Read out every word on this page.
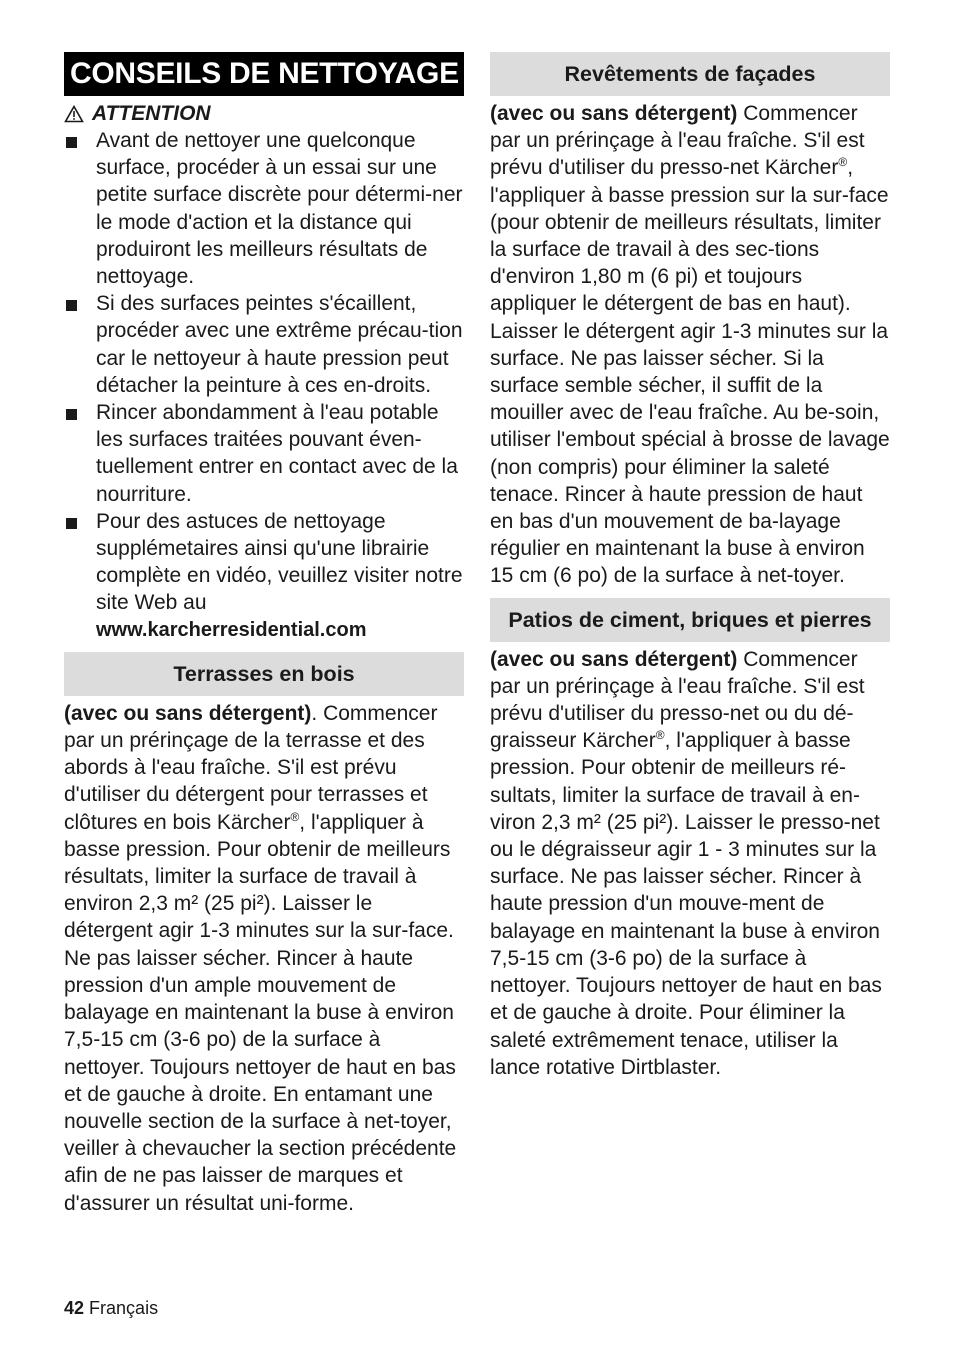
CONSEILS DE NETTOYAGE
ATTENTION
Avant de nettoyer une quelconque surface, procéder à un essai sur une petite surface discrète pour détermi-ner le mode d'action et la distance qui produiront les meilleurs résultats de nettoyage.
Si des surfaces peintes s'écaillent, procéder avec une extrême précau-tion car le nettoyeur à haute pression peut détacher la peinture à ces en-droits.
Rincer abondamment à l'eau potable les surfaces traitées pouvant éven-tuellement entrer en contact avec de la nourriture.
Pour des astuces de nettoyage supplémetaires ainsi qu'une librairie complète en vidéo, veuillez visiter notre site Web au
www.karcherresidential.com
Terrasses en bois
(avec ou sans détergent). Commencer par un prérinçage de la terrasse et des abords à l'eau fraîche. S'il est prévu d'utiliser du détergent pour terrasses et clôtures en bois Kärcher®, l'appliquer à basse pression. Pour obtenir de meilleurs résultats, limiter la surface de travail à environ 2,3 m² (25 pi²). Laisser le détergent agir 1-3 minutes sur la sur-face. Ne pas laisser sécher. Rincer à haute pression d'un ample mouvement de balayage en maintenant la buse à environ 7,5-15 cm (3-6 po) de la surface à nettoyer. Toujours nettoyer de haut en bas et de gauche à droite. En entamant une nouvelle section de la surface à net-toyer, veiller à chevaucher la section précédente afin de ne pas laisser de marques et d'assurer un résultat uni-forme.
Revêtements de façades
(avec ou sans détergent) Commencer par un prérinçage à l'eau fraîche. S'il est prévu d'utiliser du presso-net Kärcher®, l'appliquer à basse pression sur la sur-face (pour obtenir de meilleurs résultats, limiter la surface de travail à des sec-tions d'environ 1,80 m (6 pi) et toujours appliquer le détergent de bas en haut). Laisser le détergent agir 1-3 minutes sur la surface. Ne pas laisser sécher. Si la surface semble sécher, il suffit de la mouiller avec de l'eau fraîche. Au be-soin, utiliser l'embout spécial à brosse de lavage (non compris) pour éliminer la saleté tenace. Rincer à haute pression de haut en bas d'un mouvement de ba-layage régulier en maintenant la buse à environ 15 cm (6 po) de la surface à net-toyer.
Patios de ciment, briques et pierres
(avec ou sans détergent) Commencer par un prérinçage à l'eau fraîche. S'il est prévu d'utiliser du presso-net ou du dé-graisseur Kärcher®, l'appliquer à basse pression. Pour obtenir de meilleurs ré-sultats, limiter la surface de travail à en-viron 2,3 m² (25 pi²). Laisser le presso-net ou le dégraisseur agir 1 - 3 minutes sur la surface. Ne pas laisser sécher. Rincer à haute pression d'un mouve-ment de balayage en maintenant la buse à environ 7,5-15 cm (3-6 po) de la surface à nettoyer. Toujours nettoyer de haut en bas et de gauche à droite. Pour éliminer la saleté extrêmement tenace, utiliser la lance rotative Dirtblaster.
42 Français
